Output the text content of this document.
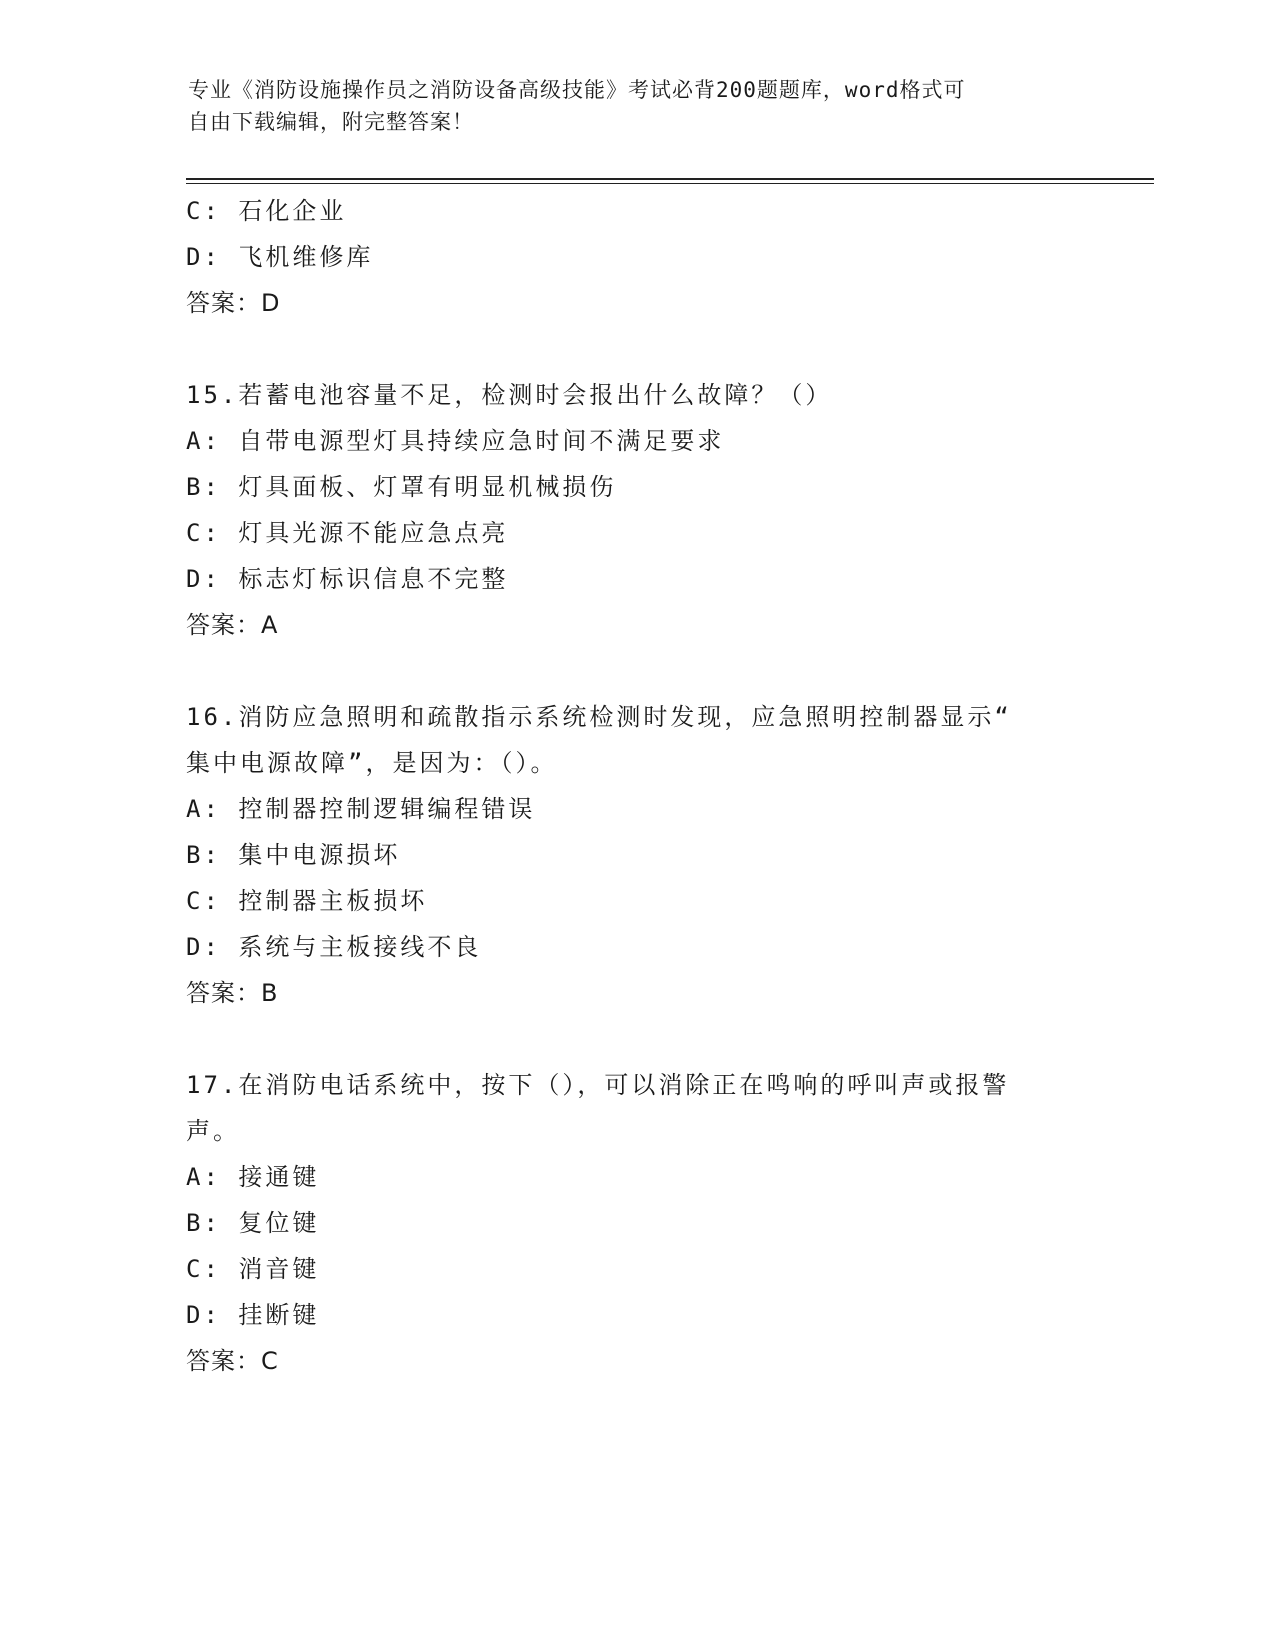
专业《消防设施操作员之消防设备高级技能》考试必背200题题库，word格式可
自由下载编辑，附完整答案！
C: 石化企业
D: 飞机维修库
答案：D
15.若蓄电池容量不足，检测时会报出什么故障？（）
A: 自带电源型灯具持续应急时间不满足要求
B: 灯具面板、灯罩有明显机械损伤
C: 灯具光源不能应急点亮
D: 标志灯标识信息不完整
答案：A
16.消防应急照明和疏散指示系统检测时发现，应急照明控制器显示“
集中电源故障”，是因为：（）。
A: 控制器控制逻辑编程错误
B: 集中电源损坏
C: 控制器主板损坏
D: 系统与主板接线不良
答案：B
17.在消防电话系统中，按下（），可以消除正在鸣响的呼叫声或报警
声。
A: 接通键
B: 复位键
C: 消音键
D: 挂断键
答案：C
